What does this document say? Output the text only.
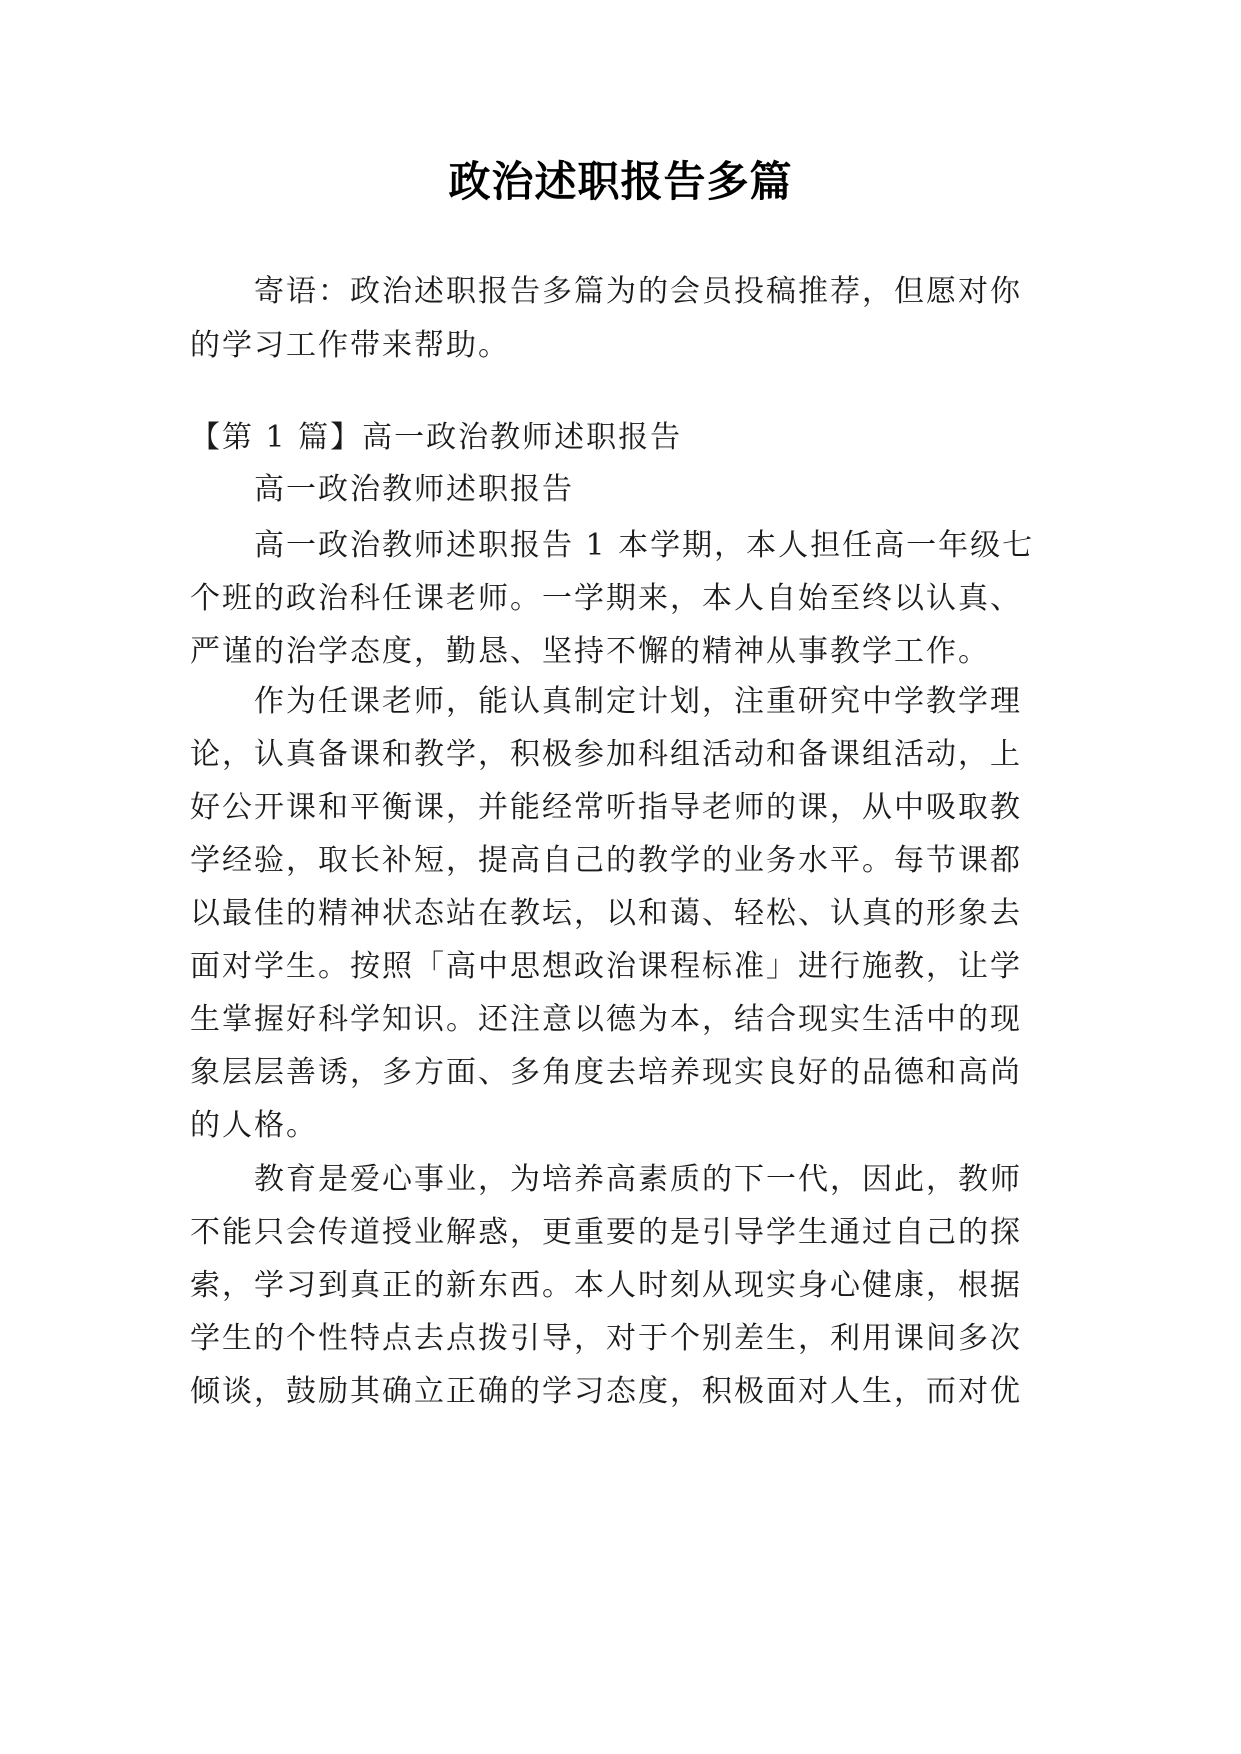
政治述职报告多篇
寄语：政治述职报告多篇为的会员投稿推荐，但愿对你
的学习工作带来帮助。
【第 1 篇】高一政治教师述职报告
高一政治教师述职报告
高一政治教师述职报告 1 本学期，本人担任高一年级七
个班的政治科任课老师。一学期来，本人自始至终以认真、
严谨的治学态度，勤恳、坚持不懈的精神从事教学工作。
作为任课老师，能认真制定计划，注重研究中学教学理
论，认真备课和教学，积极参加科组活动和备课组活动，上
好公开课和平衡课，并能经常听指导老师的课，从中吸取教
学经验，取长补短，提高自己的教学的业务水平。每节课都
以最佳的精神状态站在教坛，以和蔼、轻松、认真的形象去
面对学生。按照「高中思想政治课程标准」进行施教，让学
生掌握好科学知识。还注意以德为本，结合现实生活中的现
象层层善诱，多方面、多角度去培养现实良好的品德和高尚
的人格。
教育是爱心事业，为培养高素质的下一代，因此，教师
不能只会传道授业解惑，更重要的是引导学生通过自己的探
索，学习到真正的新东西。本人时刻从现实身心健康，根据
学生的个性特点去点拨引导，对于个别差生，利用课间多次
倾谈，鼓励其确立正确的学习态度，积极面对人生，而对优
